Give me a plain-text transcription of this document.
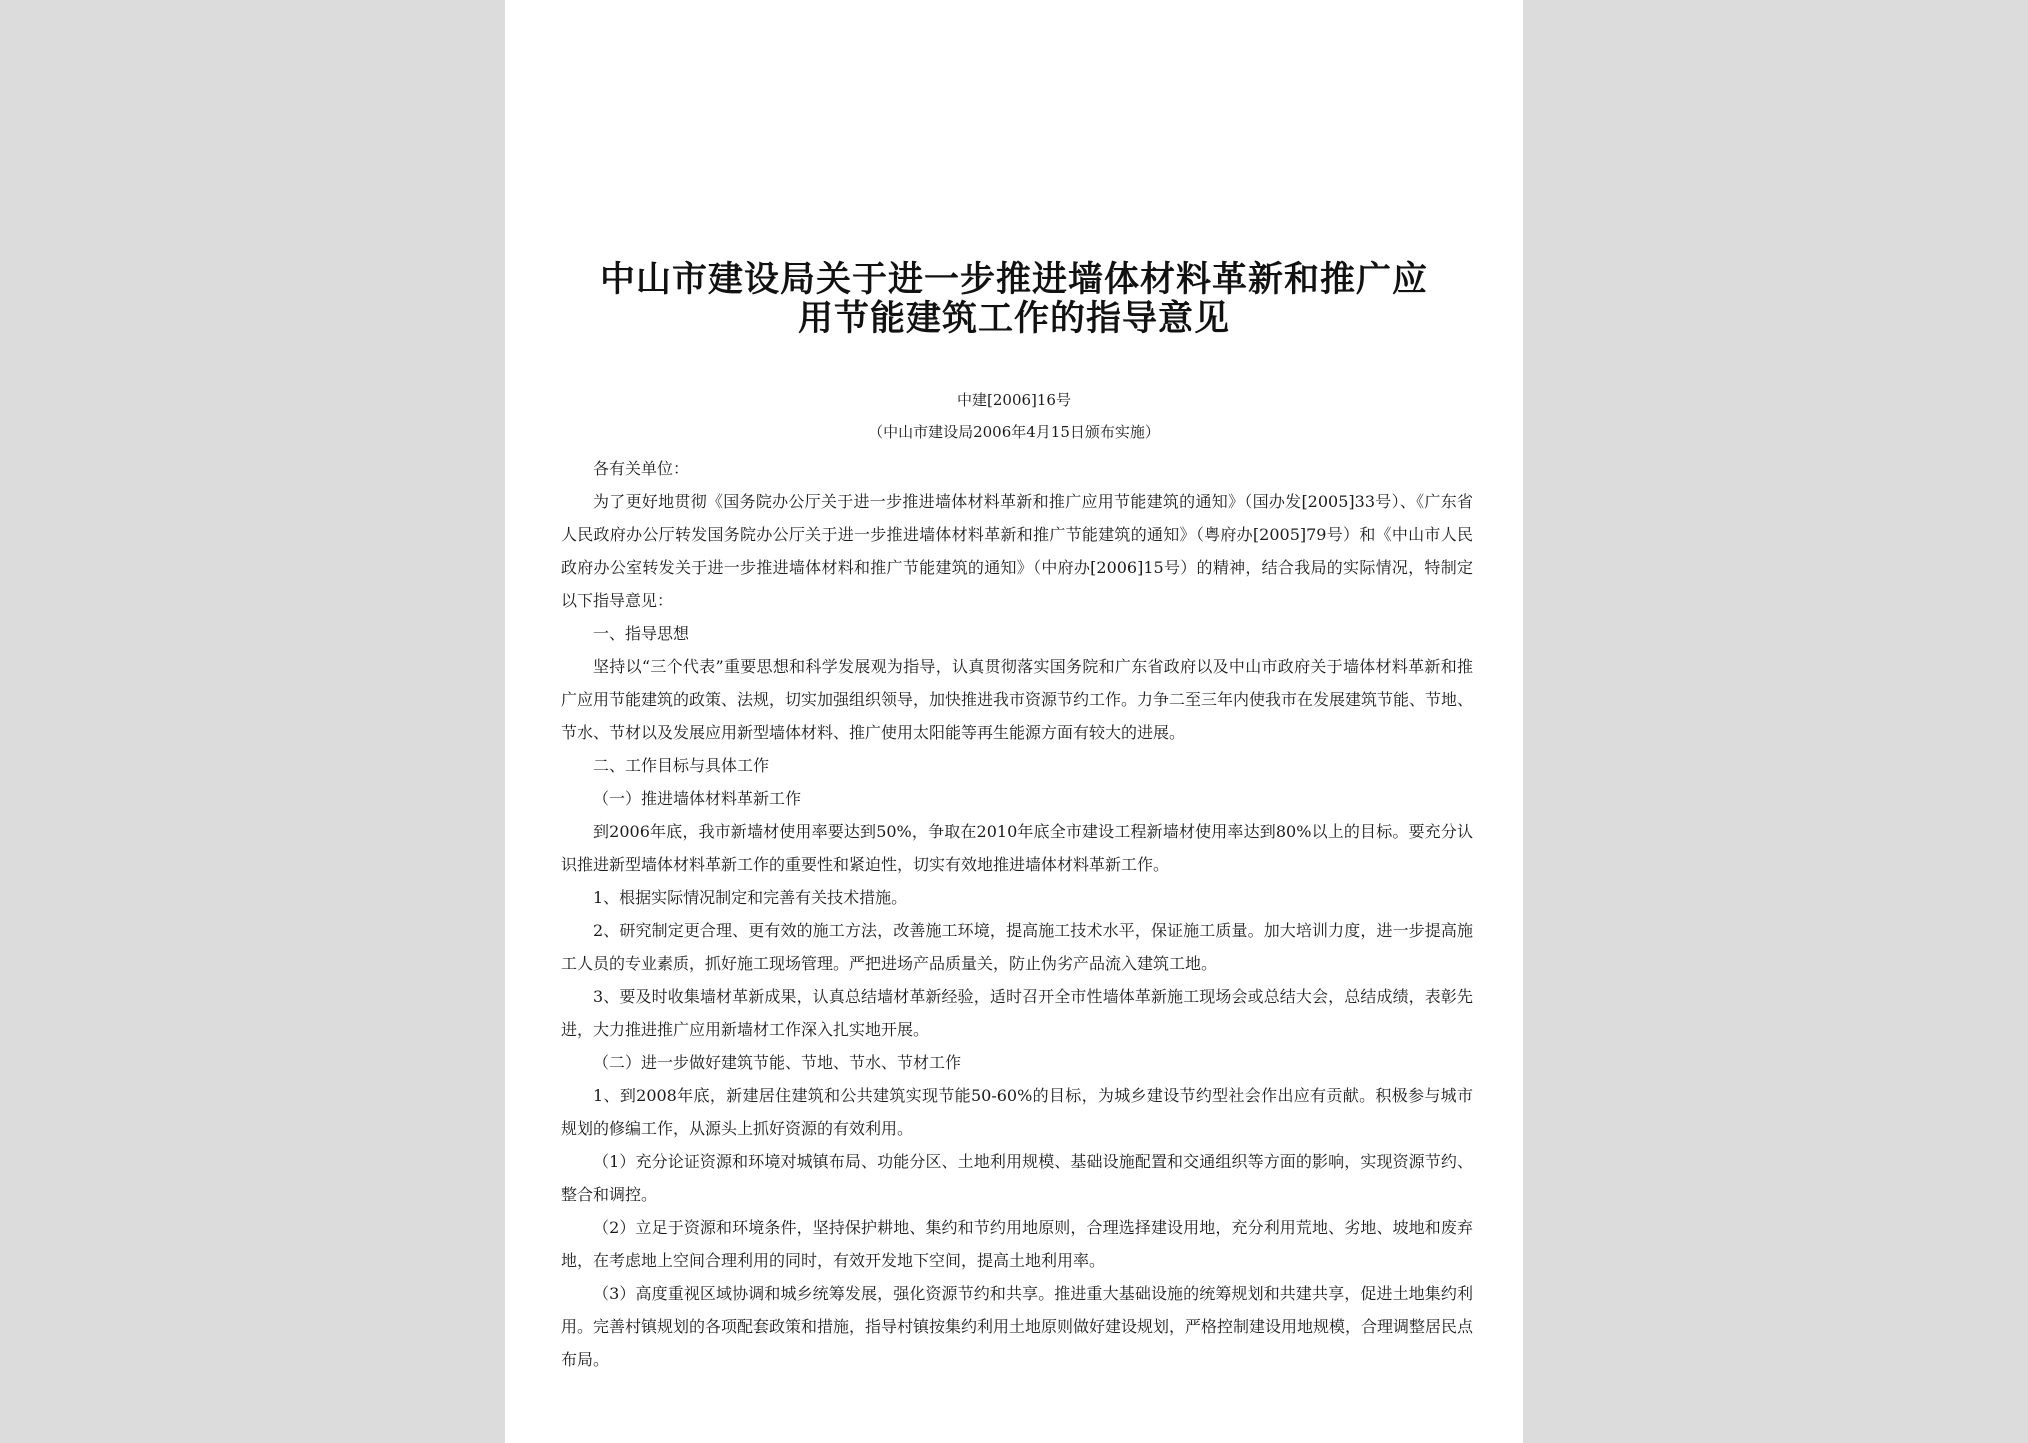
中山市建设局关于进一步推进墙体材料革新和推广应
用节能建筑工作的指导意见
中建[2006]16号
（中山市建设局2006年4月15日颁布实施）

各有关单位：

为了更好地贯彻《国务院办公厅关于进一步推进墙体材料革新和推广应用节能建筑的通知》（国办发[2005]33号）、《广东省人民政府办公厅转发国务院办公厅关于进一步推进墙体材料革新和推广节能建筑的通知》（粤府办[2005]79号）和《中山市人民政府办公室转发关于进一步推进墙体材料和推广节能建筑的通知》（中府办[2006]15号）的精神，结合我局的实际情况，特制定以下指导意见：

一、指导思想

坚持以“三个代表”重要思想和科学发展观为指导，认真贯彻落实国务院和广东省政府以及中山市政府关于墙体材料革新和推广应用节能建筑的政策、法规，切实加强组织领导，加快推进我市资源节约工作。力争二至三年内使我市在发展建筑节能、节地、节水、节材以及发展应用新型墙体材料、推广使用太阳能等再生能源方面有较大的进展。

二、工作目标与具体工作

（一）推进墙体材料革新工作

到2006年底，我市新墙材使用率要达到50%，争取在2010年底全市建设工程新墙材使用率达到80%以上的目标。要充分认识推进新型墙体材料革新工作的重要性和紧迫性，切实有效地推进墙体材料革新工作。

1、根据实际情况制定和完善有关技术措施。

2、研究制定更合理、更有效的施工方法，改善施工环境，提高施工技术水平，保证施工质量。加大培训力度，进一步提高施工人员的专业素质，抓好施工现场管理。严把进场产品质量关，防止伪劣产品流入建筑工地。

3、要及时收集墙材革新成果，认真总结墙材革新经验，适时召开全市性墙体革新施工现场会或总结大会，总结成绩，表彰先进，大力推进推广应用新墙材工作深入扎实地开展。

（二）进一步做好建筑节能、节地、节水、节材工作

1、到2008年底，新建居住建筑和公共建筑实现节能50-60%的目标，为城乡建设节约型社会作出应有贡献。积极参与城市规划的修编工作，从源头上抓好资源的有效利用。

（1）充分论证资源和环境对城镇布局、功能分区、土地利用规模、基础设施配置和交通组织等方面的影响，实现资源节约、整合和调控。

（2）立足于资源和环境条件，坚持保护耕地、集约和节约用地原则，合理选择建设用地，充分利用荒地、劣地、坡地和废弃地，在考虑地上空间合理利用的同时，有效开发地下空间，提高土地利用率。

（3）高度重视区域协调和城乡统筹发展，强化资源节约和共享。推进重大基础设施的统筹规划和共建共享，促进土地集约利用。完善村镇规划的各项配套政策和措施，指导村镇按集约利用土地原则做好建设规划，严格控制建设用地规模，合理调整居民点布局。
